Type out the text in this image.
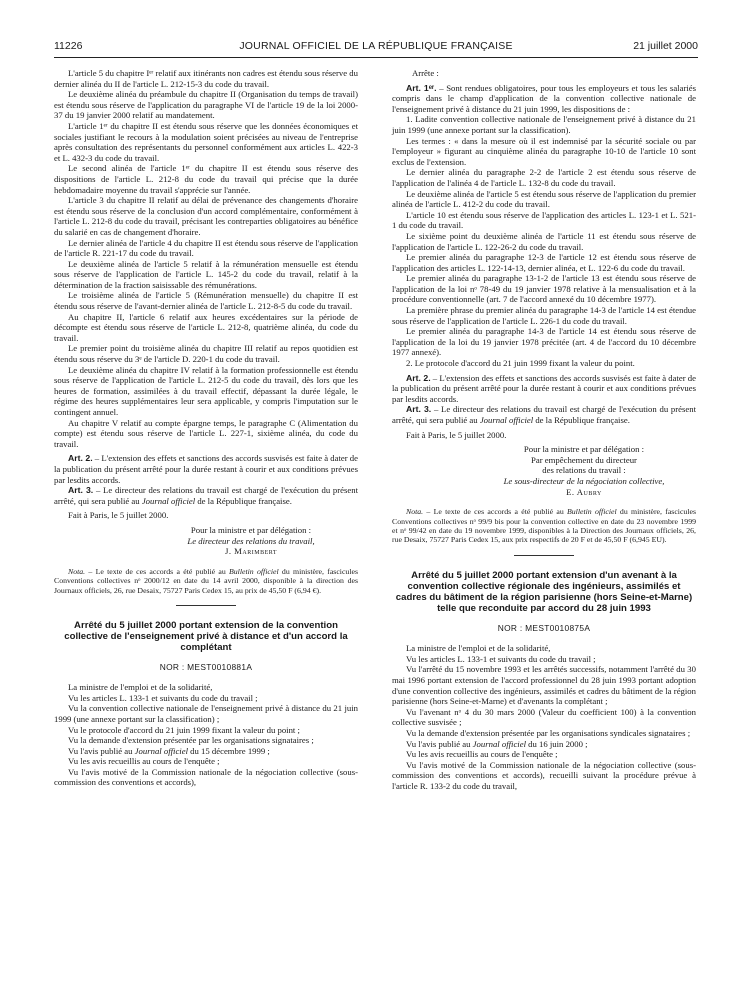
11226	JOURNAL OFFICIEL DE LA RÉPUBLIQUE FRANÇAISE	21 juillet 2000

L'article 5 du chapitre Iᵉʳ relatif aux itinérants non cadres est étendu sous réserve du dernier alinéa du II de l'article L. 212-15-3 du code du travail.

Le deuxième alinéa du préambule du chapitre II (Organisation du temps de travail) est étendu sous réserve de l'application du paragraphe VI de l'article 19 de la loi 2000-37 du 19 janvier 2000 relatif au mandatement.

L'article 1ᵉʳ du chapitre II est étendu sous réserve que les données économiques et sociales justifiant le recours à la modulation soient précisées au niveau de l'entreprise après consultation des représentants du personnel conformément aux articles L. 422-3 et L. 432-3 du code du travail.

Le second alinéa de l'article 1ᵉʳ du chapitre II est étendu sous réserve des dispositions de l'article L. 212-8 du code du travail qui précise que la durée hebdomadaire moyenne du travail s'apprécie sur l'année.

L'article 3 du chapitre II relatif au délai de prévenance des changements d'horaire est étendu sous réserve de la conclusion d'un accord complémentaire, conformément à l'article L. 212-8 du code du travail, précisant les contreparties obligatoires au bénéfice du salarié en cas de changement d'horaire.

Le dernier alinéa de l'article 4 du chapitre II est étendu sous réserve de l'application de l'article R. 221-17 du code du travail.

Le deuxième alinéa de l'article 5 relatif à la rémunération mensuelle est étendu sous réserve de l'application de l'article L. 145-2 du code du travail, relatif à la détermination de la fraction saisissable des rémunérations.

Le troisième alinéa de l'article 5 (Rémunération mensuelle) du chapitre II est étendu sous réserve de l'avant-dernier alinéa de l'article L. 212-8-5 du code du travail.

Au chapitre II, l'article 6 relatif aux heures excédentaires sur la période de décompte est étendu sous réserve de l'article L. 212-8, quatrième alinéa, du code du travail.

Le premier point du troisième alinéa du chapitre III relatif au repos quotidien est étendu sous réserve du 3ᵉ de l'article D. 220-1 du code du travail.

Le deuxième alinéa du chapitre IV relatif à la formation professionnelle est étendu sous réserve de l'application de l'article L. 212-5 du code du travail, dès lors que les heures de formation, assimilées à du travail effectif, dépassant la durée légale, le régime des heures supplémentaires leur sera applicable, y compris l'imputation sur le contingent annuel.

Au chapitre V relatif au compte épargne temps, le paragraphe C (Alimentation du compte) est étendu sous réserve de l'article L. 227-1, sixième alinéa, du code du travail.

Art. 2. – L'extension des effets et sanctions des accords susvisés est faite à dater de la publication du présent arrêté pour la durée restant à courir et aux conditions prévues par lesdits accords.

Art. 3. – Le directeur des relations du travail est chargé de l'exécution du présent arrêté, qui sera publié au Journal officiel de la République française.

Fait à Paris, le 5 juillet 2000.

Pour la ministre et par délégation :

Le directeur des relations du travail,

J. Marimbert

Nota. – Le texte de ces accords a été publié au Bulletin officiel du ministère, fascicules Conventions collectives nᵒ 2000/12 en date du 14 avril 2000, disponible à la direction des Journaux officiels, 26, rue Desaix, 75727 Paris Cedex 15, au prix de 45,50 F (6,94 €).

Arrêté du 5 juillet 2000 portant extension de la convention collective de l'enseignement privé à distance et d'un accord la complétant

NOR : MEST0010881A

La ministre de l'emploi et de la solidarité,

Vu les articles L. 133-1 et suivants du code du travail ;

Vu la convention collective nationale de l'enseignement privé à distance du 21 juin 1999 (une annexe portant sur la classification) ;

Vu le protocole d'accord du 21 juin 1999 fixant la valeur du point ;

Vu la demande d'extension présentée par les organisations signataires ;

Vu l'avis publié au Journal officiel du 15 décembre 1999 ;

Vu les avis recueillis au cours de l'enquête ;

Vu l'avis motivé de la Commission nationale de la négociation collective (sous-commission des conventions et accords),

Arrête :

Art. 1ᵉʳ. – Sont rendues obligatoires, pour tous les employeurs et tous les salariés compris dans le champ d'application de la convention collective nationale de l'enseignement privé à distance du 21 juin 1999, les dispositions de :

1. Ladite convention collective nationale de l'enseignement privé à distance du 21 juin 1999 (une annexe portant sur la classification).

Les termes : « dans la mesure où il est indemnisé par la sécurité sociale ou par l'employeur » figurant au cinquième alinéa du paragraphe 10-10 de l'article 10 sont exclus de l'extension.

Le dernier alinéa du paragraphe 2-2 de l'article 2 est étendu sous réserve de l'application de l'alinéa 4 de l'article L. 132-8 du code du travail.

Le deuxième alinéa de l'article 5 est étendu sous réserve de l'application du premier alinéa de l'article L. 412-2 du code du travail.

L'article 10 est étendu sous réserve de l'application des articles L. 123-1 et L. 521-1 du code du travail.

Le sixième point du deuxième alinéa de l'article 11 est étendu sous réserve de l'application de l'article L. 122-26-2 du code du travail.

Le premier alinéa du paragraphe 12-3 de l'article 12 est étendu sous réserve de l'application des articles L. 122-14-13, dernier alinéa, et L. 122-6 du code du travail.

Le premier alinéa du paragraphe 13-1-2 de l'article 13 est étendu sous réserve de l'application de la loi nᵒ 78-49 du 19 janvier 1978 relative à la mensualisation et à la procédure conventionnelle (art. 7 de l'accord annexé du 10 décembre 1977).

La première phrase du premier alinéa du paragraphe 14-3 de l'article 14 est étendue sous réserve de l'application de l'article L. 226-1 du code du travail.

Le premier alinéa du paragraphe 14-3 de l'article 14 est étendu sous réserve de l'application de la loi du 19 janvier 1978 précitée (art. 4 de l'accord du 10 décembre 1977 annexé).

2. Le protocole d'accord du 21 juin 1999 fixant la valeur du point.

Art. 2. – L'extension des effets et sanctions des accords susvisés est faite à dater de la publication du présent arrêté pour la durée restant à courir et aux conditions prévues par lesdits accords.

Art. 3. – Le directeur des relations du travail est chargé de l'exécution du présent arrêté, qui sera publié au Journal officiel de la République française.

Fait à Paris, le 5 juillet 2000.

Pour la ministre et par délégation :

Par empêchement du directeur

des relations du travail :

Le sous-directeur de la négociation collective,

E. Aubry

Nota. – Le texte de ces accords a été publié au Bulletin officiel du ministère, fascicules Conventions collectives nᵒ 99/9 bis pour la convention collective en date du 23 novembre 1999 et nᵒ 99/42 en date du 19 novembre 1999, disponibles à la Direction des Journaux officiels, 26, rue Desaix, 75727 Paris Cedex 15, aux prix respectifs de 20 F et de 45,50 F (6,945 EU).

Arrêté du 5 juillet 2000 portant extension d'un avenant à la convention collective régionale des ingénieurs, assimilés et cadres du bâtiment de la région parisienne (hors Seine-et-Marne) telle que reconduite par accord du 28 juin 1993

NOR : MEST0010875A

La ministre de l'emploi et de la solidarité,

Vu les articles L. 133-1 et suivants du code du travail ;

Vu l'arrêté du 15 novembre 1993 et les arrêtés successifs, notamment l'arrêté du 30 mai 1996 portant extension de l'accord professionnel du 28 juin 1993 portant adoption d'une convention collective des ingénieurs, assimilés et cadres du bâtiment de la région parisienne (hors Seine-et-Marne) et d'avenants la complétant ;

Vu l'avenant nᵒ 4 du 30 mars 2000 (Valeur du coefficient 100) à la convention collective susvisée ;

Vu la demande d'extension présentée par les organisations syndicales signataires ;

Vu l'avis publié au Journal officiel du 16 juin 2000 ;

Vu les avis recueillis au cours de l'enquête ;

Vu l'avis motivé de la Commission nationale de la négociation collective (sous-commission des conventions et accords), recueilli suivant la procédure prévue à l'article R. 133-2 du code du travail,
